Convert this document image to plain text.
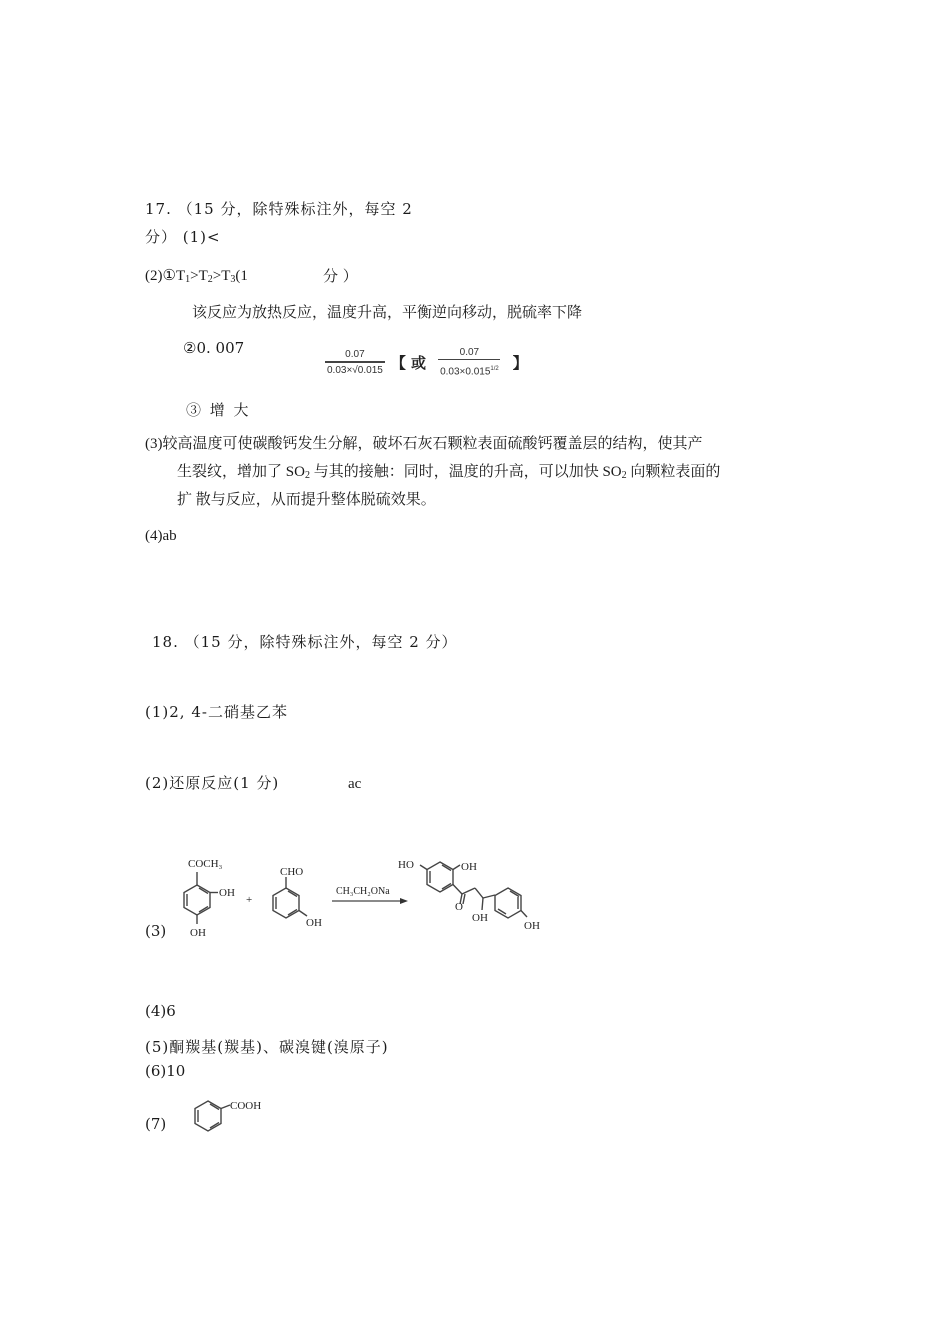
17. （15 分，除特殊标注外，每空 2
分） (1)<
$(2)①T_1>T_2>T_3(1$	分 ）
该反应为放热反应，温度升高，平衡逆向移动，脱硫率下降
②0. 007
$\frac{0.07}{0.03\times√0.015}$ 【 或 $\frac{0.07}{0.03\times 0.015^{1/2}}$ 】
③ 增 大
(3)较高温度可使碳酸钙发生分解，破坏石灰石颗粒表面硫酸钙覆盖层的结构，使其产
生裂纹，增加了 $SO_2$ 与其的接触：同时，温度的升高，可以加快 $SO_2$ 向颗粒表面的
扩 散与反应，从而提升整体脱硫效果。
(4)ab
18. （15 分，除特殊标注外，每空 2 分）
(1)2, 4-二硝基乙苯
(2)还原反应(1 分)	ac
(3)
COCH₃
OH
OH
+
CHO
OH
CH₃CH₂ONa
HO	OH
O
OH
OH
(4)6
(5)酮羰基(羰基)、碳溴键(溴原子)
(6)10
(7)
COOH
